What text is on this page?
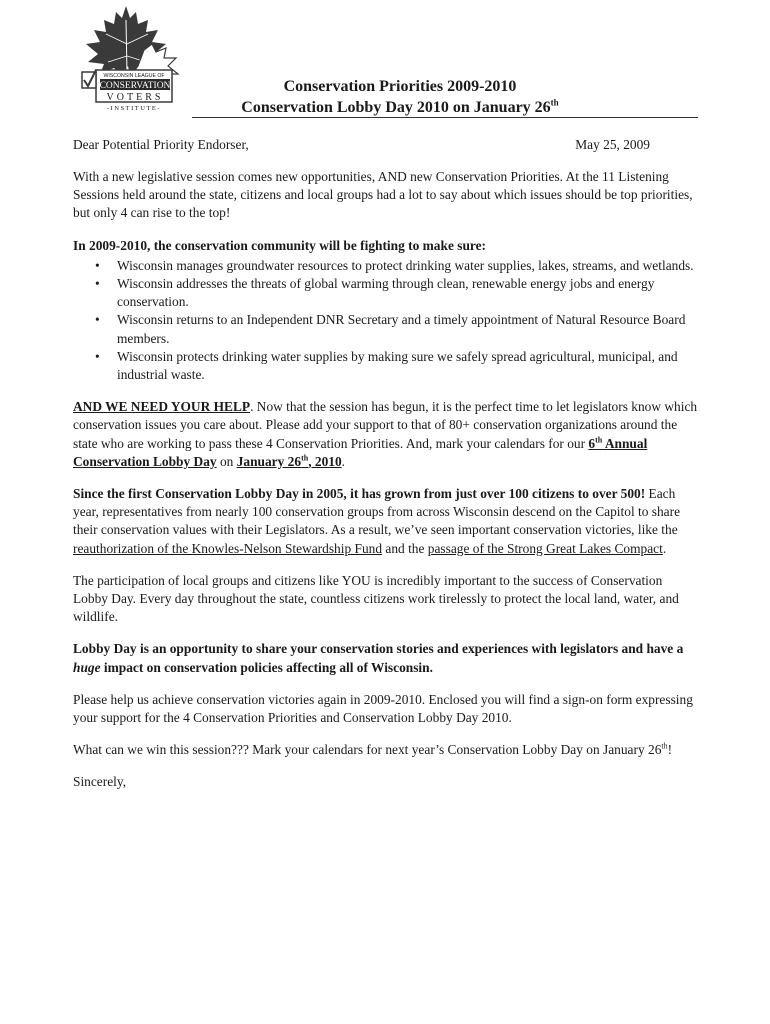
WISCONSIN LEAGUE OF
CONSERVATION
VOTERS
-INSTITUTE-

Conservation Priorities 2009-2010

Conservation Lobby Day 2010 on January 26th

Dear Potential Priority Endorser,	May 25, 2009

With a new legislative session comes new opportunities, AND new Conservation Priorities. At the 11 Listening Sessions held around the state, citizens and local groups had a lot to say about which issues should be top priorities, but only 4 can rise to the top!

In 2009-2010, the conservation community will be fighting to make sure:

• Wisconsin manages groundwater resources to protect drinking water supplies, lakes, streams, and wetlands.
• Wisconsin addresses the threats of global warming through clean, renewable energy jobs and energy conservation.
• Wisconsin returns to an Independent DNR Secretary and a timely appointment of Natural Resource Board members.
• Wisconsin protects drinking water supplies by making sure we safely spread agricultural, municipal, and industrial waste.

AND WE NEED YOUR HELP. Now that the session has begun, it is the perfect time to let legislators know which conservation issues you care about. Please add your support to that of 80+ conservation organizations around the state who are working to pass these 4 Conservation Priorities. And, mark your calendars for our 6th Annual Conservation Lobby Day on January 26th, 2010.

Since the first Conservation Lobby Day in 2005, it has grown from just over 100 citizens to over 500! Each year, representatives from nearly 100 conservation groups from across Wisconsin descend on the Capitol to share their conservation values with their Legislators. As a result, we’ve seen important conservation victories, like the reauthorization of the Knowles-Nelson Stewardship Fund and the passage of the Strong Great Lakes Compact.

The participation of local groups and citizens like YOU is incredibly important to the success of Conservation Lobby Day. Every day throughout the state, countless citizens work tirelessly to protect the local land, water, and wildlife.

Lobby Day is an opportunity to share your conservation stories and experiences with legislators and have a huge impact on conservation policies affecting all of Wisconsin.

Please help us achieve conservation victories again in 2009-2010. Enclosed you will find a sign-on form expressing your support for the 4 Conservation Priorities and Conservation Lobby Day 2010.

What can we win this session??? Mark your calendars for next year’s Conservation Lobby Day on January 26th!

Sincerely,
